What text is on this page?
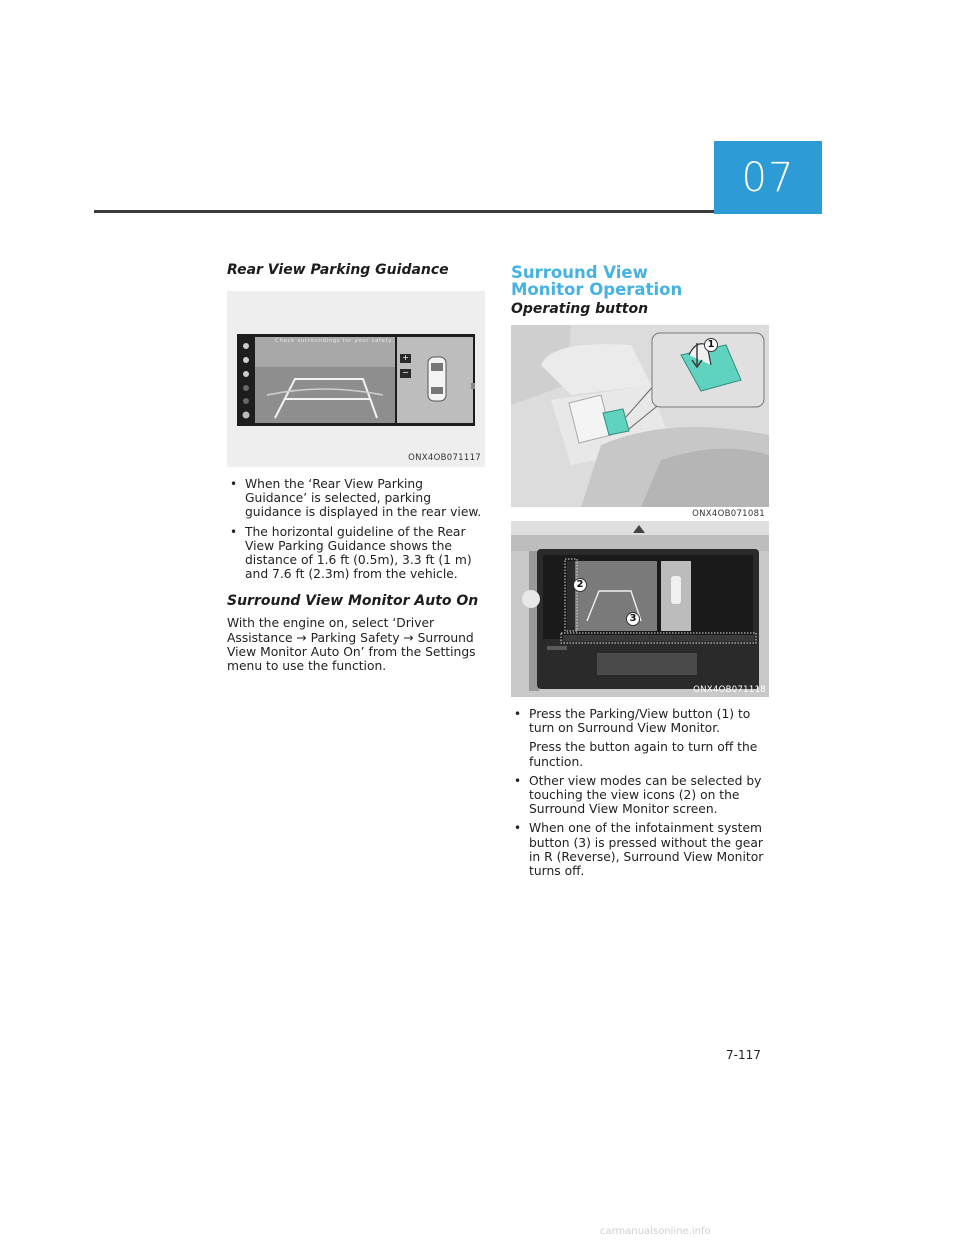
07
Rear View Parking Guidance
Check surroundings for your safety.
+
−
ONX4OB071117
• When the ‘Rear View Parking Guidance’ is selected, parking guidance is displayed in the rear view.
• The horizontal guideline of the Rear View Parking Guidance shows the distance of 1.6 ft (0.5m), 3.3 ft (1 m) and 7.6 ft (2.3m) from the vehicle.
Surround View Monitor Auto On

With the engine on, select ‘Driver Assistance → Parking Safety → Surround View Monitor Auto On’ from the Settings menu to use the function.

Surround View Monitor Operation
Operating button
1
ONX4OB071081
2
3
ONX4OB071118
• Press the Parking/View button (1) to turn on Surround View Monitor.

Press the button again to turn off the function.

• Other view modes can be selected by touching the view icons (2) on the Surround View Monitor screen.
• When one of the infotainment system button (3) is pressed without the gear in R (Reverse), Surround View Monitor turns off.
7-117
carmanualsonline.info
